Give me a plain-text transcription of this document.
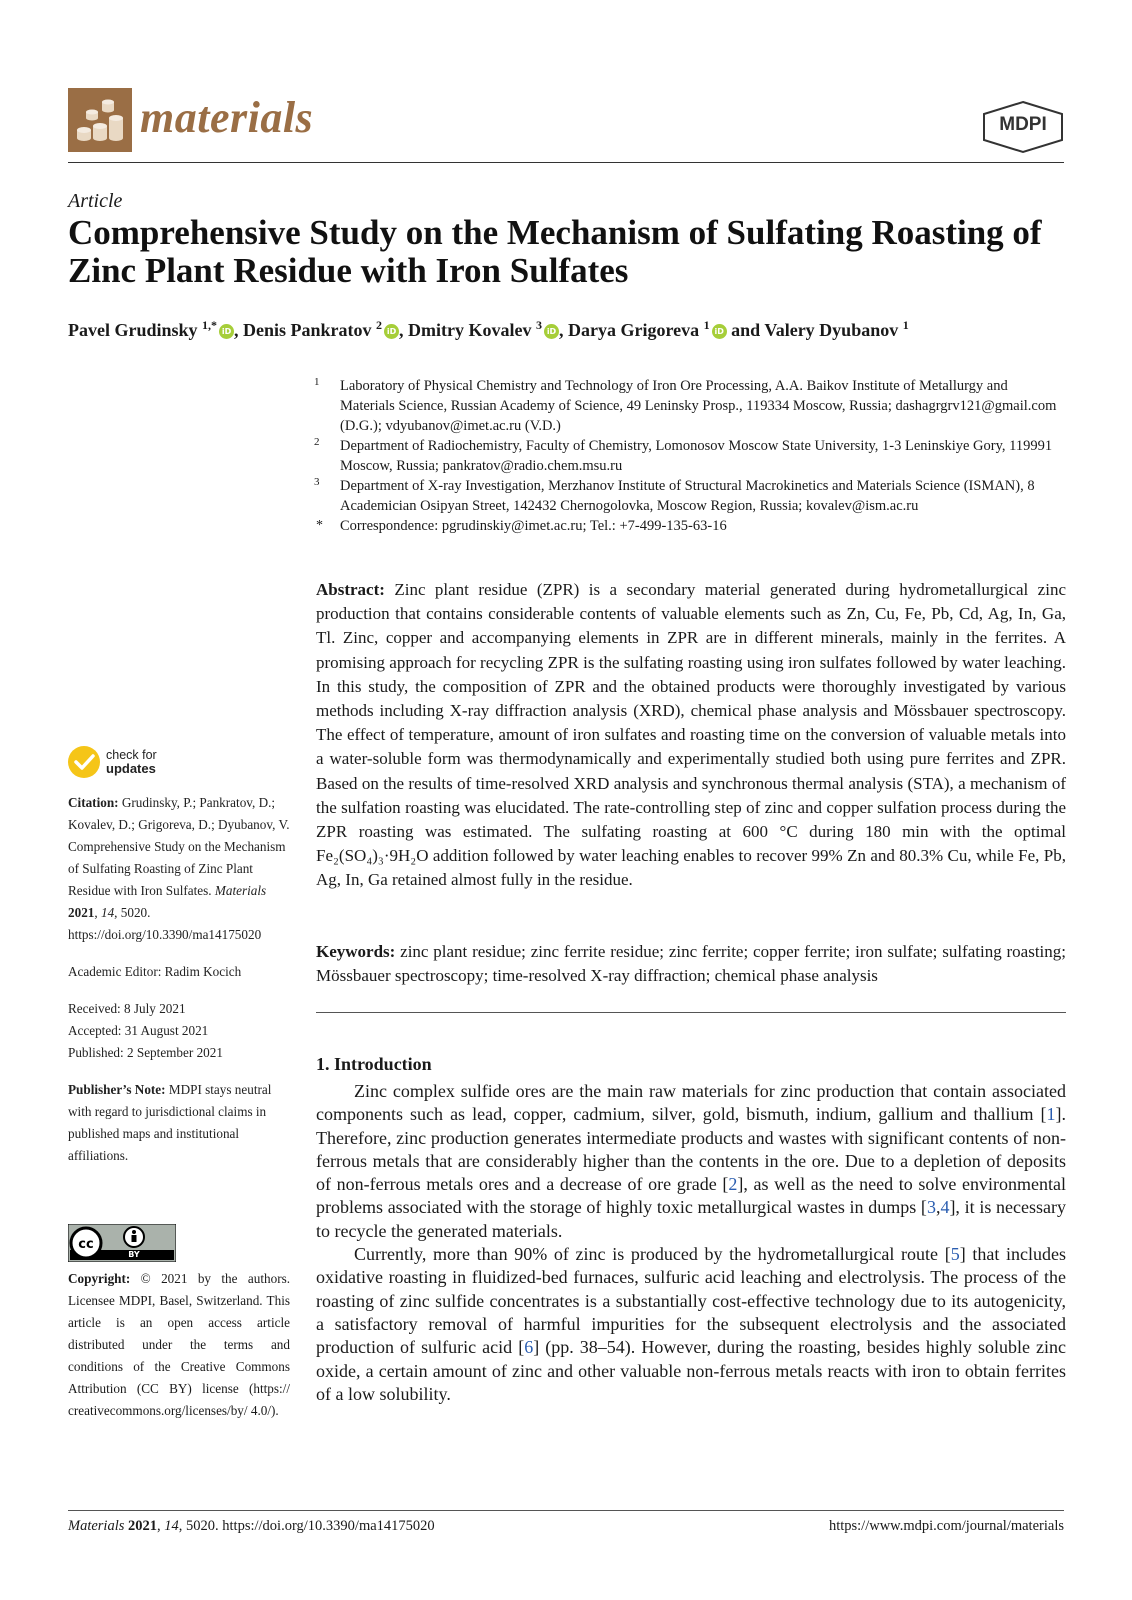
materials	MDPI
Article
Comprehensive Study on the Mechanism of Sulfating Roasting of Zinc Plant Residue with Iron Sulfates
Pavel Grudinsky $^{1,*}$ iD , Denis Pankratov $^2$ iD , Dmitry Kovalev $^3$ iD , Darya Grigoreva $^1$ iD and Valery Dyubanov $^1$
1 Laboratory of Physical Chemistry and Technology of Iron Ore Processing, A.A. Baikov Institute of Metallurgy and Materials Science, Russian Academy of Science, 49 Leninsky Prosp., 119334 Moscow, Russia; dashagrgrv121@gmail.com (D.G.); vdyubanov@imet.ac.ru (V.D.)
2 Department of Radiochemistry, Faculty of Chemistry, Lomonosov Moscow State University, 1-3 Leninskiye Gory, 119991 Moscow, Russia; pankratov@radio.chem.msu.ru
3 Department of X-ray Investigation, Merzhanov Institute of Structural Macrokinetics and Materials Science (ISMAN), 8 Academician Osipyan Street, 142432 Chernogolovka, Moscow Region, Russia; kovalev@ism.ac.ru
* Correspondence: pgrudinskiy@imet.ac.ru; Tel.: +7-499-135-63-16

Abstract: Zinc plant residue (ZPR) is a secondary material generated during hydrometallurgical zinc production that contains considerable contents of valuable elements such as Zn, Cu, Fe, Pb, Cd, Ag, In, Ga, Tl. Zinc, copper and accompanying elements in ZPR are in different minerals, mainly in the ferrites. A promising approach for recycling ZPR is the sulfating roasting using iron sulfates followed by water leaching. In this study, the composition of ZPR and the obtained products were thoroughly investigated by various methods including X-ray diffraction analysis (XRD), chemical phase analysis and Mössbauer spectroscopy. The effect of temperature, amount of iron sulfates and roasting time on the conversion of valuable metals into a water-soluble form was thermodynamically and experimentally studied both using pure ferrites and ZPR. Based on the results of time-resolved XRD analysis and synchronous thermal analysis (STA), a mechanism of the sulfation roasting was elucidated. The rate-controlling step of zinc and copper sulfation process during the ZPR roasting was estimated. The sulfating roasting at 600 °C during 180 min with the optimal Fe₂(SO₄)₃·9H₂O addition followed by water leaching enables to recover 99% Zn and 80.3% Cu, while Fe, Pb, Ag, In, Ga retained almost fully in the residue.

Keywords: zinc plant residue; zinc ferrite residue; zinc ferrite; copper ferrite; iron sulfate; sulfating roasting; Mössbauer spectroscopy; time-resolved X-ray diffraction; chemical phase analysis

1. Introduction

Zinc complex sulfide ores are the main raw materials for zinc production that contain associated components such as lead, copper, cadmium, silver, gold, bismuth, indium, gallium and thallium [1]. Therefore, zinc production generates intermediate products and wastes with significant contents of non-ferrous metals that are considerably higher than the contents in the ore. Due to a depletion of deposits of non-ferrous metals ores and a decrease of ore grade [2], as well as the need to solve environmental problems associated with the storage of highly toxic metallurgical wastes in dumps [3,4], it is necessary to recycle the generated materials.

Currently, more than 90% of zinc is produced by the hydrometallurgical route [5] that includes oxidative roasting in fluidized-bed furnaces, sulfuric acid leaching and electrolysis. The process of the roasting of zinc sulfide concentrates is a substantially cost-effective technology due to its autogenicity, a satisfactory removal of harmful impurities for the subsequent electrolysis and the associated production of sulfuric acid [6] (pp. 38–54). However, during the roasting, besides highly soluble zinc oxide, a certain amount of zinc and other valuable non-ferrous metals reacts with iron to obtain ferrites of a low solubility.

check for
updates

Citation: Grudinsky, P.; Pankratov, D.; Kovalev, D.; Grigoreva, D.; Dyubanov, V. Comprehensive Study on the Mechanism of Sulfating Roasting of Zinc Plant Residue with Iron Sulfates. Materials 2021, 14, 5020. https://doi.org/10.3390/ma14175020

Academic Editor: Radim Kocich

Received: 8 July 2021
Accepted: 31 August 2021
Published: 2 September 2021

Publisher’s Note: MDPI stays neutral with regard to jurisdictional claims in published maps and institutional affiliations.

cc
BY

Copyright: © 2021 by the authors. Licensee MDPI, Basel, Switzerland. This article is an open access article distributed under the terms and conditions of the Creative Commons Attribution (CC BY) license (https:// creativecommons.org/licenses/by/ 4.0/).

Materials 2021, 14, 5020. https://doi.org/10.3390/ma14175020	https://www.mdpi.com/journal/materials
